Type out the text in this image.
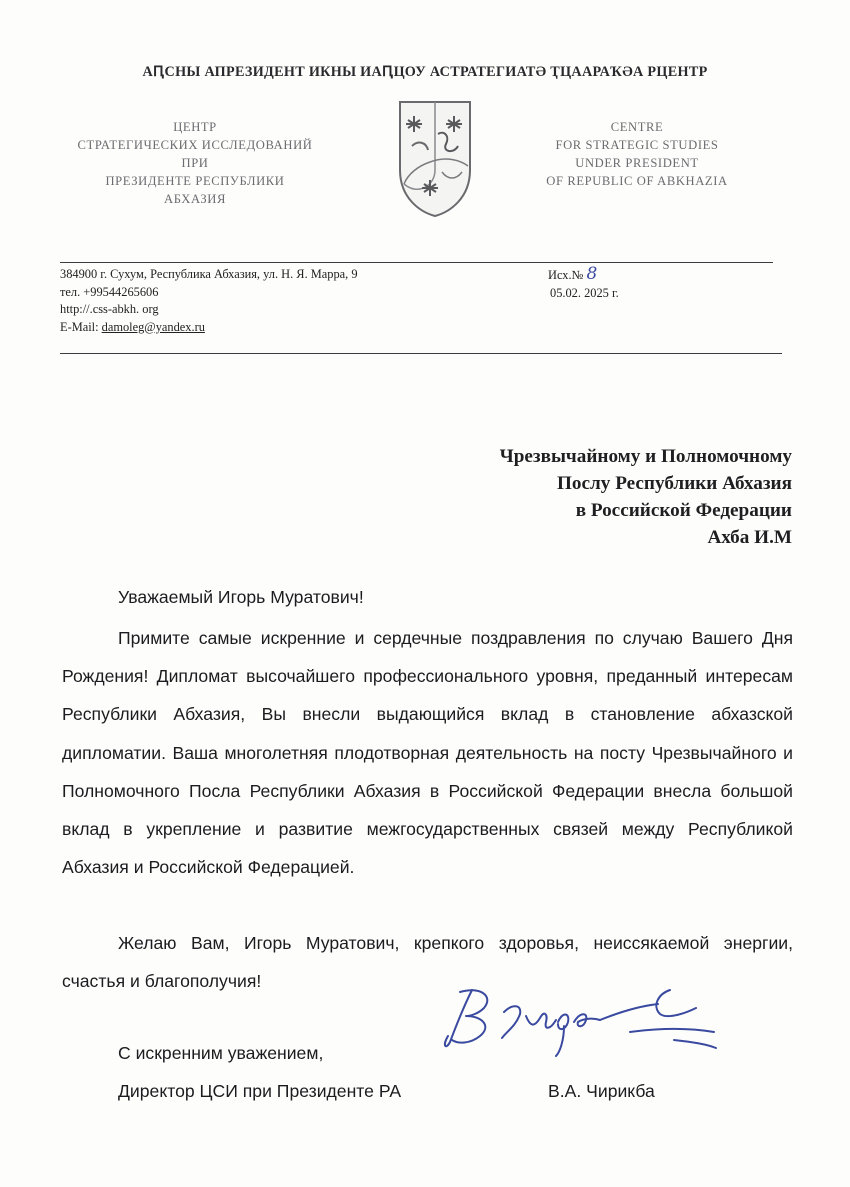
АԤСНЫ АПРЕЗИДЕНТ ИКНЫ ИАԤЦОУ АСТРАТЕГИАТӘ ҬЦААРАҠӘА РЦЕНТР
ЦЕНТР
СТРАТЕГИЧЕСКИХ ИССЛЕДОВАНИЙ
ПРИ
ПРЕЗИДЕНТЕ РЕСПУБЛИКИ
АБХАЗИЯ
CENTRE
FOR STRATEGIC STUDIES
UNDER PRESIDENT
OF REPUBLIC OF ABKHAZIA
384900 г. Сухум, Республика Абхазия, ул. Н. Я. Марра, 9
тел. +99544265606
http://.css-abkh. org
E-Mail: damoleg@yandex.ru
Исх.№ 8
05.02. 2025 г.
Чрезвычайному и Полномочному
Послу Республики Абхазия
в Российской Федерации
Ахба И.М
Уважаемый Игорь Муратович!
Примите самые искренние и сердечные поздравления по случаю Вашего Дня Рождения! Дипломат высочайшего профессионального уровня, преданный интересам Республики Абхазия, Вы внесли выдающийся вклад в становление абхазской дипломатии. Ваша многолетняя плодотворная деятельность на посту Чрезвычайного и Полномочного Посла Республики Абхазия в Российской Федерации внесла большой вклад в укрепление и развитие межгосударственных связей между Республикой Абхазия и Российской Федерацией.
Желаю Вам, Игорь Муратович, крепкого здоровья, неиссякаемой энергии, счастья и благополучия!
С искренним уважением,
Директор ЦСИ при Президенте РА	В.А. Чирикба
